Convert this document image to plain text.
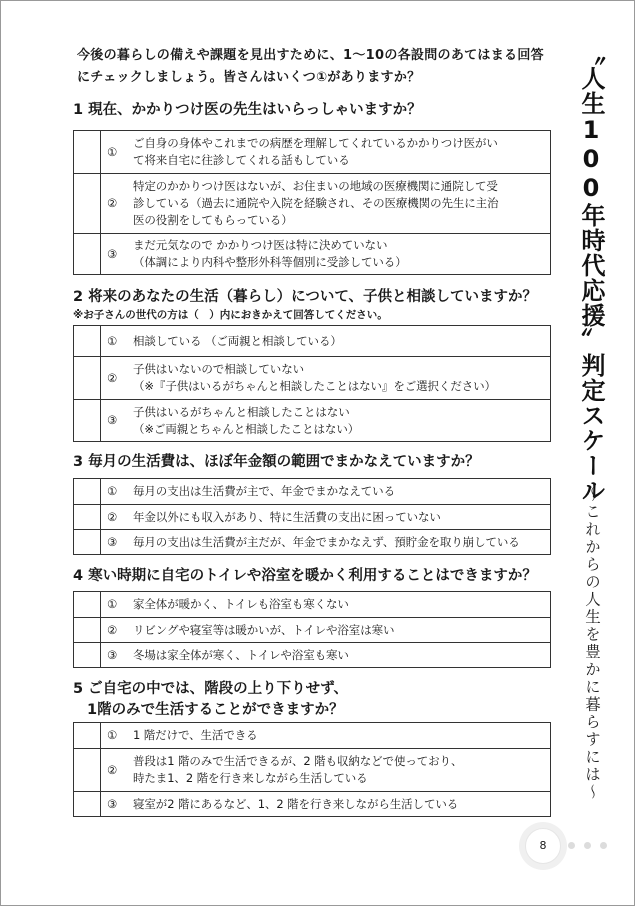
今後の暮らしの備えや課題を見出すために、1～10の各設問のあてはまる回答にチェックしましょう。皆さんはいくつ①がありますか？	〝人生100年時代応援〞判定スケール
～これからの人生を豊かに暮らすには～
1 現在、かかりつけ医の先生はいらっしゃいますか？
①
ご自身の身体やこれまでの病歴を理解してくれているかかりつけ医がい
て将来自宅に往診してくれる話もしている
②
特定のかかりつけ医はないが、お住まいの地域の医療機関に通院して受
診している（過去に通院や入院を経験され、その医療機関の先生に主治
医の役割をしてもらっている）
③
まだ元気なので かかりつけ医は特に決めていない
（体調により内科や整形外科等個別に受診している）
2 将来のあなたの生活（暮らし）について、子供と相談していますか？

※お子さんの世代の方は（　）内におきかえて回答してください。

① 相談している （ご両親と相談している）
②
子供はいないので相談していない
（※『子供はいるがちゃんと相談したことはない』をご選択ください）
③
子供はいるがちゃんと相談したことはない
（※ご両親とちゃんと相談したことはない）
3 毎月の生活費は、ほぼ年金額の範囲でまかなえていますか？
① 毎月の支出は生活費が主で、年金でまかなえている
② 年金以外にも収入があり、特に生活費の支出に困っていない
③ 毎月の支出は生活費が主だが、年金でまかなえず、預貯金を取り崩している
4 寒い時期に自宅のトイレや浴室を暖かく利用することはできますか？
① 家全体が暖かく、トイレも浴室も寒くない
② リビングや寝室等は暖かいが、トイレや浴室は寒い
③ 冬場は家全体が寒く、トイレや浴室も寒い
5 ご自宅の中では、階段の上り下りせず、
1階のみで生活することができますか？
① 1 階だけで、生活できる
②
普段は1 階のみで生活できるが、2 階も収納などで使っており、
時たま1、2 階を行き来しながら生活している
③ 寝室が2 階にあるなど、1、2 階を行き来しながら生活している
8
